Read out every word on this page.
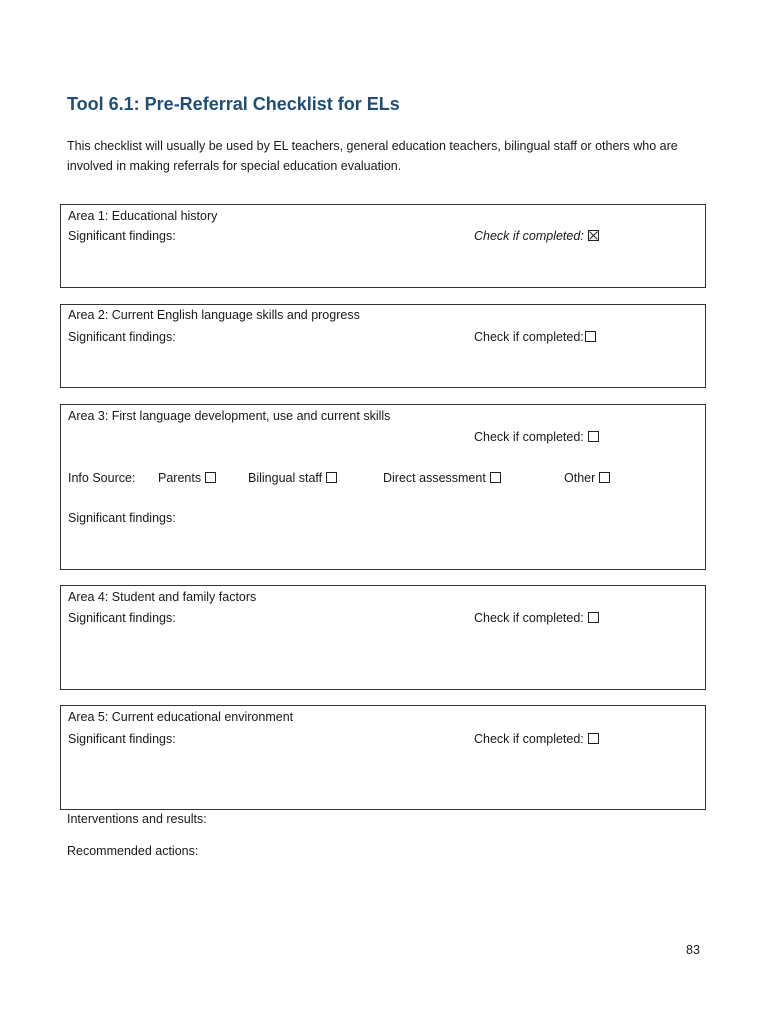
Tool 6.1: Pre-Referral Checklist for ELs
This checklist will usually be used by EL teachers, general education teachers, bilingual staff or others who are involved in making referrals for special education evaluation.
Area 1: Educational history
Significant findings:	Check if completed:
Area 2: Current English language skills and progress
Significant findings:	Check if completed:
Area 3: First language development, use and current skills
Check if completed:
Info Source: Parents	Bilingual staff	Direct assessment	Other
Significant findings:
Area 4: Student and family factors
Significant findings:	Check if completed:
Area 5: Current educational environment
Significant findings:	Check if completed:
Interventions and results:
Recommended actions:
83
